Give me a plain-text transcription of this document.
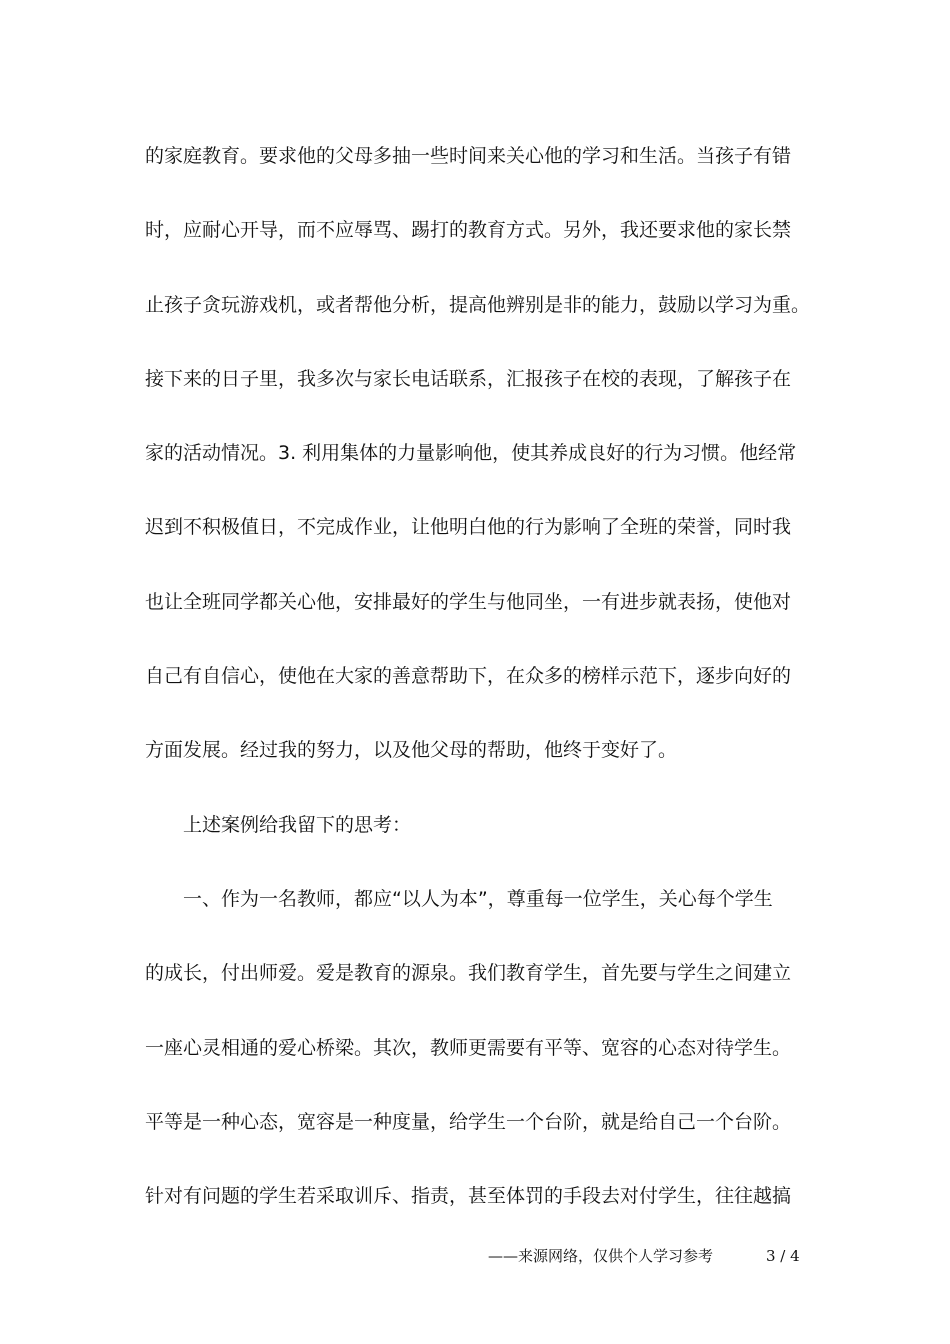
的家庭教育。要求他的父母多抽一些时间来关心他的学习和生活。当孩子有错
时，应耐心开导，而不应辱骂、踢打的教育方式。另外，我还要求他的家长禁
止孩子贪玩游戏机，或者帮他分析，提高他辨别是非的能力，鼓励以学习为重。
接下来的日子里，我多次与家长电话联系，汇报孩子在校的表现，了解孩子在
家的活动情况。3. 利用集体的力量影响他，使其养成良好的行为习惯。他经常
迟到不积极值日，不完成作业，让他明白他的行为影响了全班的荣誉，同时我
也让全班同学都关心他，安排最好的学生与他同坐，一有进步就表扬，使他对
自己有自信心，使他在大家的善意帮助下，在众多的榜样示范下，逐步向好的
方面发展。经过我的努力，以及他父母的帮助，他终于变好了。
上述案例给我留下的思考：
一、作为一名教师，都应“以人为本”，尊重每一位学生，关心每个学生
的成长，付出师爱。爱是教育的源泉。我们教育学生，首先要与学生之间建立
一座心灵相通的爱心桥梁。其次，教师更需要有平等、宽容的心态对待学生。
平等是一种心态，宽容是一种度量，给学生一个台阶，就是给自己一个台阶。
针对有问题的学生若采取训斥、指责，甚至体罚的手段去对付学生，往往越搞
——来源网络，仅供个人学习参考	3 / 4
